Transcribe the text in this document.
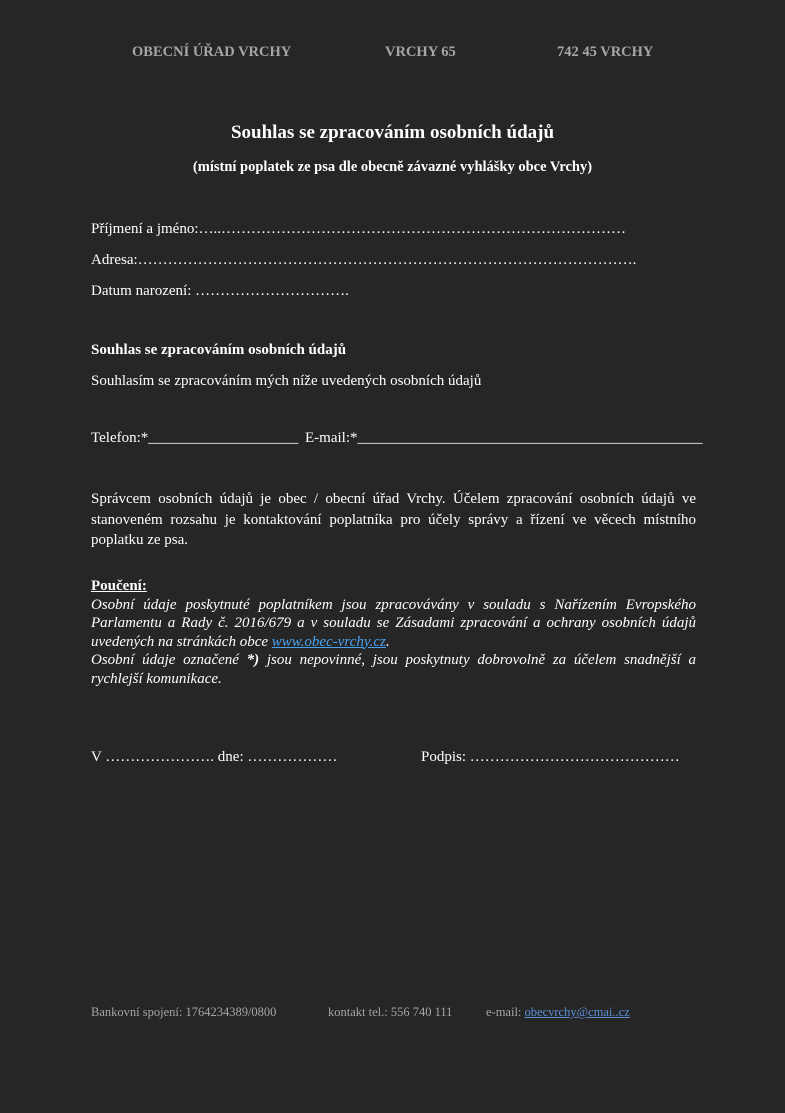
OBECNÍ ÚŘAD VRCHY	VRCHY 65	742 45 VRCHY
Souhlas se zpracováním osobních údajů
(místní poplatek ze psa dle obecně závazné vyhlášky obce Vrchy)
Příjmení a jméno:…..………………………………………………………………………
Adresa:……………………………………………………………………………………….
Datum narození: ………………………….
Souhlas se zpracováním osobních údajů
Souhlasím se zpracováním mých níže uvedených osobních údajů
Telefon:*____________________ E-mail:*______________________________________________
Správcem osobních údajů je obec / obecní úřad Vrchy. Účelem zpracování osobních údajů ve
stanoveném rozsahu je kontaktování poplatníka pro účely správy a řízení ve věcech místního
poplatku ze psa.
Poučení:
Osobní údaje poskytnuté poplatníkem jsou zpracovávány v souladu s Nařízením Evropského
Parlamentu a Rady č. 2016/679 a v souladu se Zásadami zpracování a ochrany osobních údajů
uvedených na stránkách obce www.obec-vrchy.cz.
Osobní údaje označené *) jsou nepovinné, jsou poskytnuty dobrovolně za účelem snadnější a
rychlejší komunikace.
V …………………. dne: ………………	Podpis: ……………………………………
Bankovní spojení: 1764234389/0800	kontakt tel.: 556 740 111	e-mail: obecvrchy@cmai..cz
